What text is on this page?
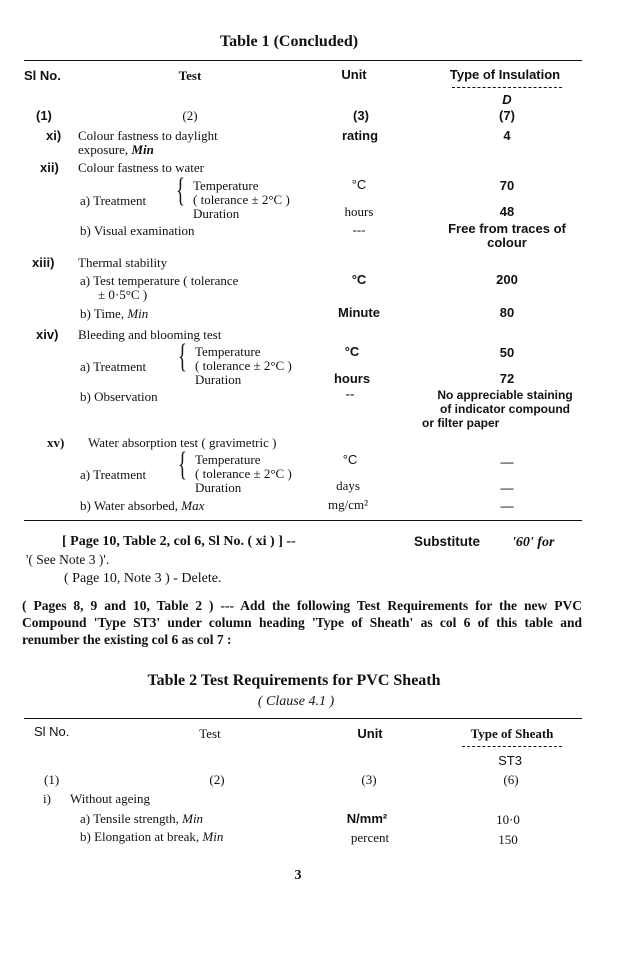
Table 1 (Concluded)
Sl No.	Test	Unit	Type of Insulation
D
(1)	(2)	(3)	(7)
xi) Colour fastness to daylight
exposure, Min
rating	4
xii) Colour fastness to water
a) Treatment { Temperature
( tolerance ± 2°C )
Duration
°C	70
hours	48
b) Visual examination	---	Free from traces of
colour
xiii) Thermal stability
a) Test temperature ( tolerance
± 0·5°C )
°C	200
b) Time, Min	Minute	80
xiv) Bleeding and blooming test
a) Treatment { Temperature
( tolerance ± 2°C )
Duration
°C	50
hours	72
b) Observation	--	No appreciable staining
of indicator compound
or filter paper
xv) Water absorption test ( gravimetric )
a) Treatment { Temperature
( tolerance ± 2°C )
Duration
°C	—
days	—
b) Water absorbed, Max	mg/cm²	—
[ Page 10, Table 2, col 6, Sl No. ( xi ) ] --	Substitute '60' for
'( See Note 3 )'.
( Page 10, Note 3 ) - Delete.
( Pages 8, 9 and 10, Table 2 ) --- Add the following Test Requirements for the new PVC Compound 'Type ST3' under column heading 'Type of Sheath' as col 6 of this table and renumber the existing col 6 as col 7 :
Table 2 Test Requirements for PVC Sheath
( Clause 4.1 )
Sl No.	Test	Unit	Type of Sheath
ST3
(1)	(2)	(3)	(6)
i) Without ageing
a) Tensile strength, Min	N/mm²	10·0
b) Elongation at break, Min	percent	150
3
